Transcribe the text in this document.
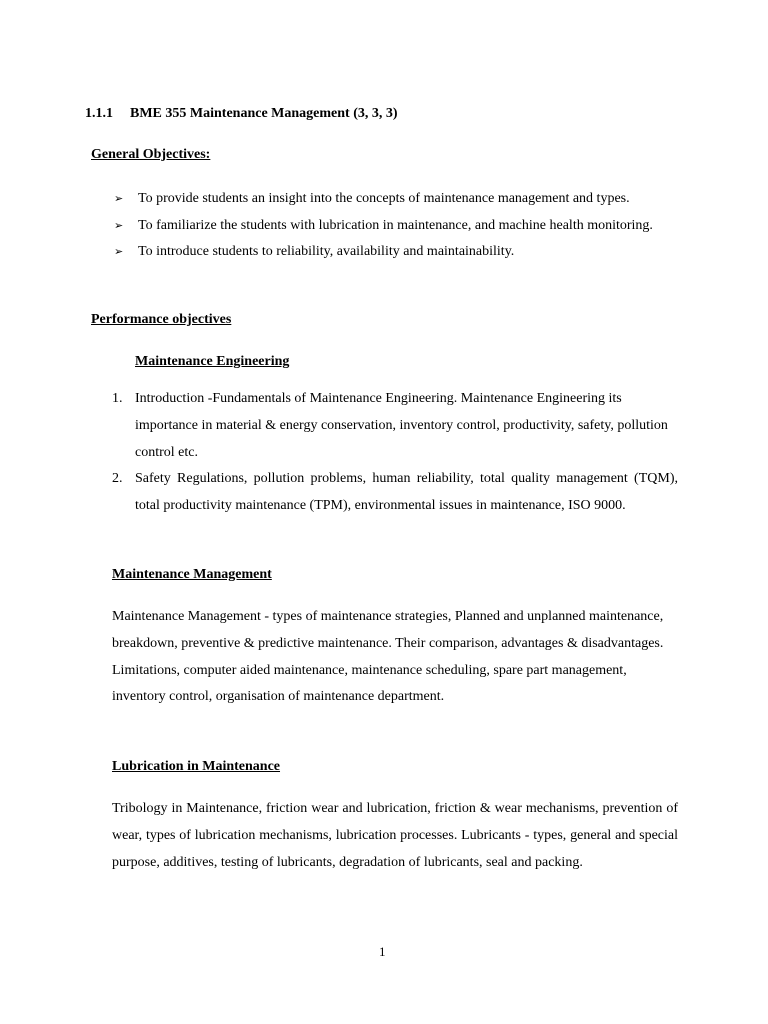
1.1.1 BME 355 Maintenance Management (3, 3, 3)
General Objectives:
➢ To provide students an insight into the concepts of maintenance management and types.
➢ To familiarize the students with lubrication in maintenance, and machine health monitoring.
➢ To introduce students to reliability, availability and maintainability.
Performance objectives
Maintenance Engineering
1. Introduction -Fundamentals of Maintenance Engineering. Maintenance Engineering its importance in material & energy conservation, inventory control, productivity, safety, pollution control etc.
2. Safety Regulations, pollution problems, human reliability, total quality management (TQM), total productivity maintenance (TPM), environmental issues in maintenance, ISO 9000.
Maintenance Management

Maintenance Management - types of maintenance strategies, Planned and unplanned maintenance, breakdown, preventive & predictive maintenance. Their comparison, advantages & disadvantages. Limitations, computer aided maintenance, maintenance scheduling, spare part management, inventory control, organisation of maintenance department.

Lubrication in Maintenance

Tribology in Maintenance, friction wear and lubrication, friction & wear mechanisms, prevention of wear, types of lubrication mechanisms, lubrication processes. Lubricants - types, general and special purpose, additives, testing of lubricants, degradation of lubricants, seal and packing.

1
